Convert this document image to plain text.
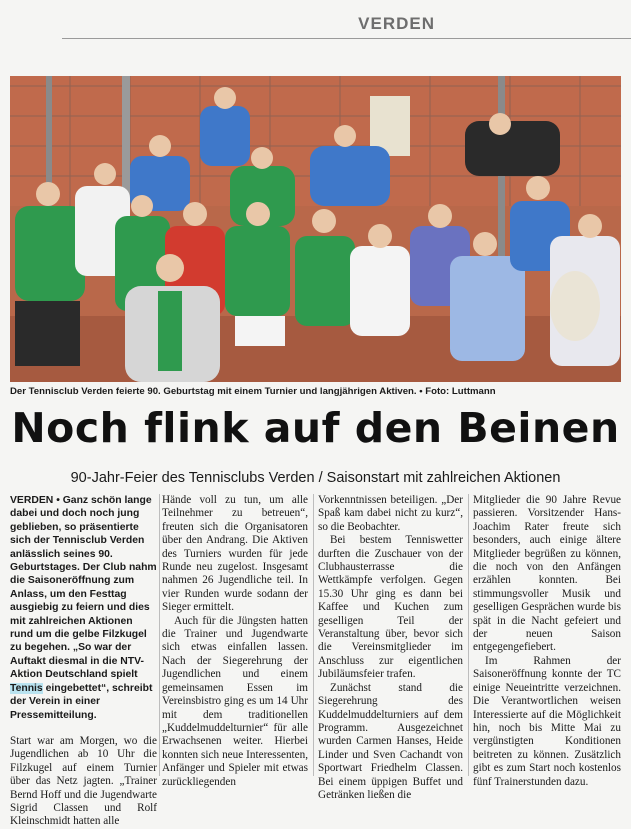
VERDEN
Der Tennisclub Verden feierte 90. Geburtstag mit einem Turnier und langjährigen Aktiven. • Foto: Luttmann
Noch flink auf den Beinen
90-Jahr-Feier des Tennisclubs Verden / Saisonstart mit zahlreichen Aktionen

VERDEN • Ganz schön lange dabei und doch noch jung geblieben, so präsentierte sich der Tennisclub Verden anlässlich seines 90. Geburtstages. Der Club nahm die Saisoneröffnung zum Anlass, um den Festtag ausgiebig zu feiern und dies mit zahlreichen Aktionen rund um die gelbe Filzkugel zu begehen. „So war der Auftakt diesmal in die NTV-Aktion Deutschland spielt Tennis eingebettet“, schreibt der Verein in einer Pressemitteilung.

Start war am Morgen, wo die Jugendlichen ab 10 Uhr die Filzkugel auf einem Turnier über das Netz jagten. „Trainer Bernd Hoff und die Jugendwarte Sigrid Classen und Rolf Kleinschmidt hatten alle

Hände voll zu tun, um alle Teilnehmer zu betreuen“, freuten sich die Organisatoren über den Andrang. Die Aktiven des Turniers wurden für jede Runde neu zugelost. Insgesamt nahmen 26 Jugendliche teil. In vier Runden wurde sodann der Sieger ermittelt.

Auch für die Jüngsten hatten die Trainer und Jugendwarte sich etwas einfallen lassen. Nach der Siegerehrung der Jugendlichen und einem gemeinsamen Essen im Vereinsbistro ging es um 14 Uhr mit dem traditionellen „Kuddelmuddelturnier“ für alle Erwachsenen weiter. Hierbei konnten sich neue Interessenten, Anfänger und Spieler mit etwas zurückliegenden

Vorkenntnissen beteiligen. „Der Spaß kam dabei nicht zu kurz“, so die Beobachter.

Bei bestem Tenniswetter durften die Zuschauer von der Clubhausterrasse die Wettkämpfe verfolgen. Gegen 15.30 Uhr ging es dann bei Kaffee und Kuchen zum geselligen Teil der Veranstaltung über, bevor sich die Vereinsmitglieder im Anschluss zur eigentlichen Jubiläumsfeier trafen.

Zunächst stand die Siegerehrung des Kuddelmuddelturniers auf dem Programm. Ausgezeichnet wurden Carmen Hanses, Heide Linder und Sven Cachandt von Sportwart Friedhelm Classen. Bei einem üppigen Buffet und Getränken ließen die

Mitglieder die 90 Jahre Revue passieren. Vorsitzender Hans-Joachim Rater freute sich besonders, auch einige ältere Mitglieder begrüßen zu können, die noch von den Anfängen erzählen konnten. Bei stimmungsvoller Musik und geselligen Gesprächen wurde bis spät in die Nacht gefeiert und der neuen Saison entgegengefiebert.

Im Rahmen der Saisoneröffnung konnte der TC einige Neueintritte verzeichnen. Die Verantwortlichen weisen Interessierte auf die Möglichkeit hin, noch bis Mitte Mai zu vergünstigten Konditionen beitreten zu können. Zusätzlich gibt es zum Start noch kostenlos fünf Trainerstunden dazu.
